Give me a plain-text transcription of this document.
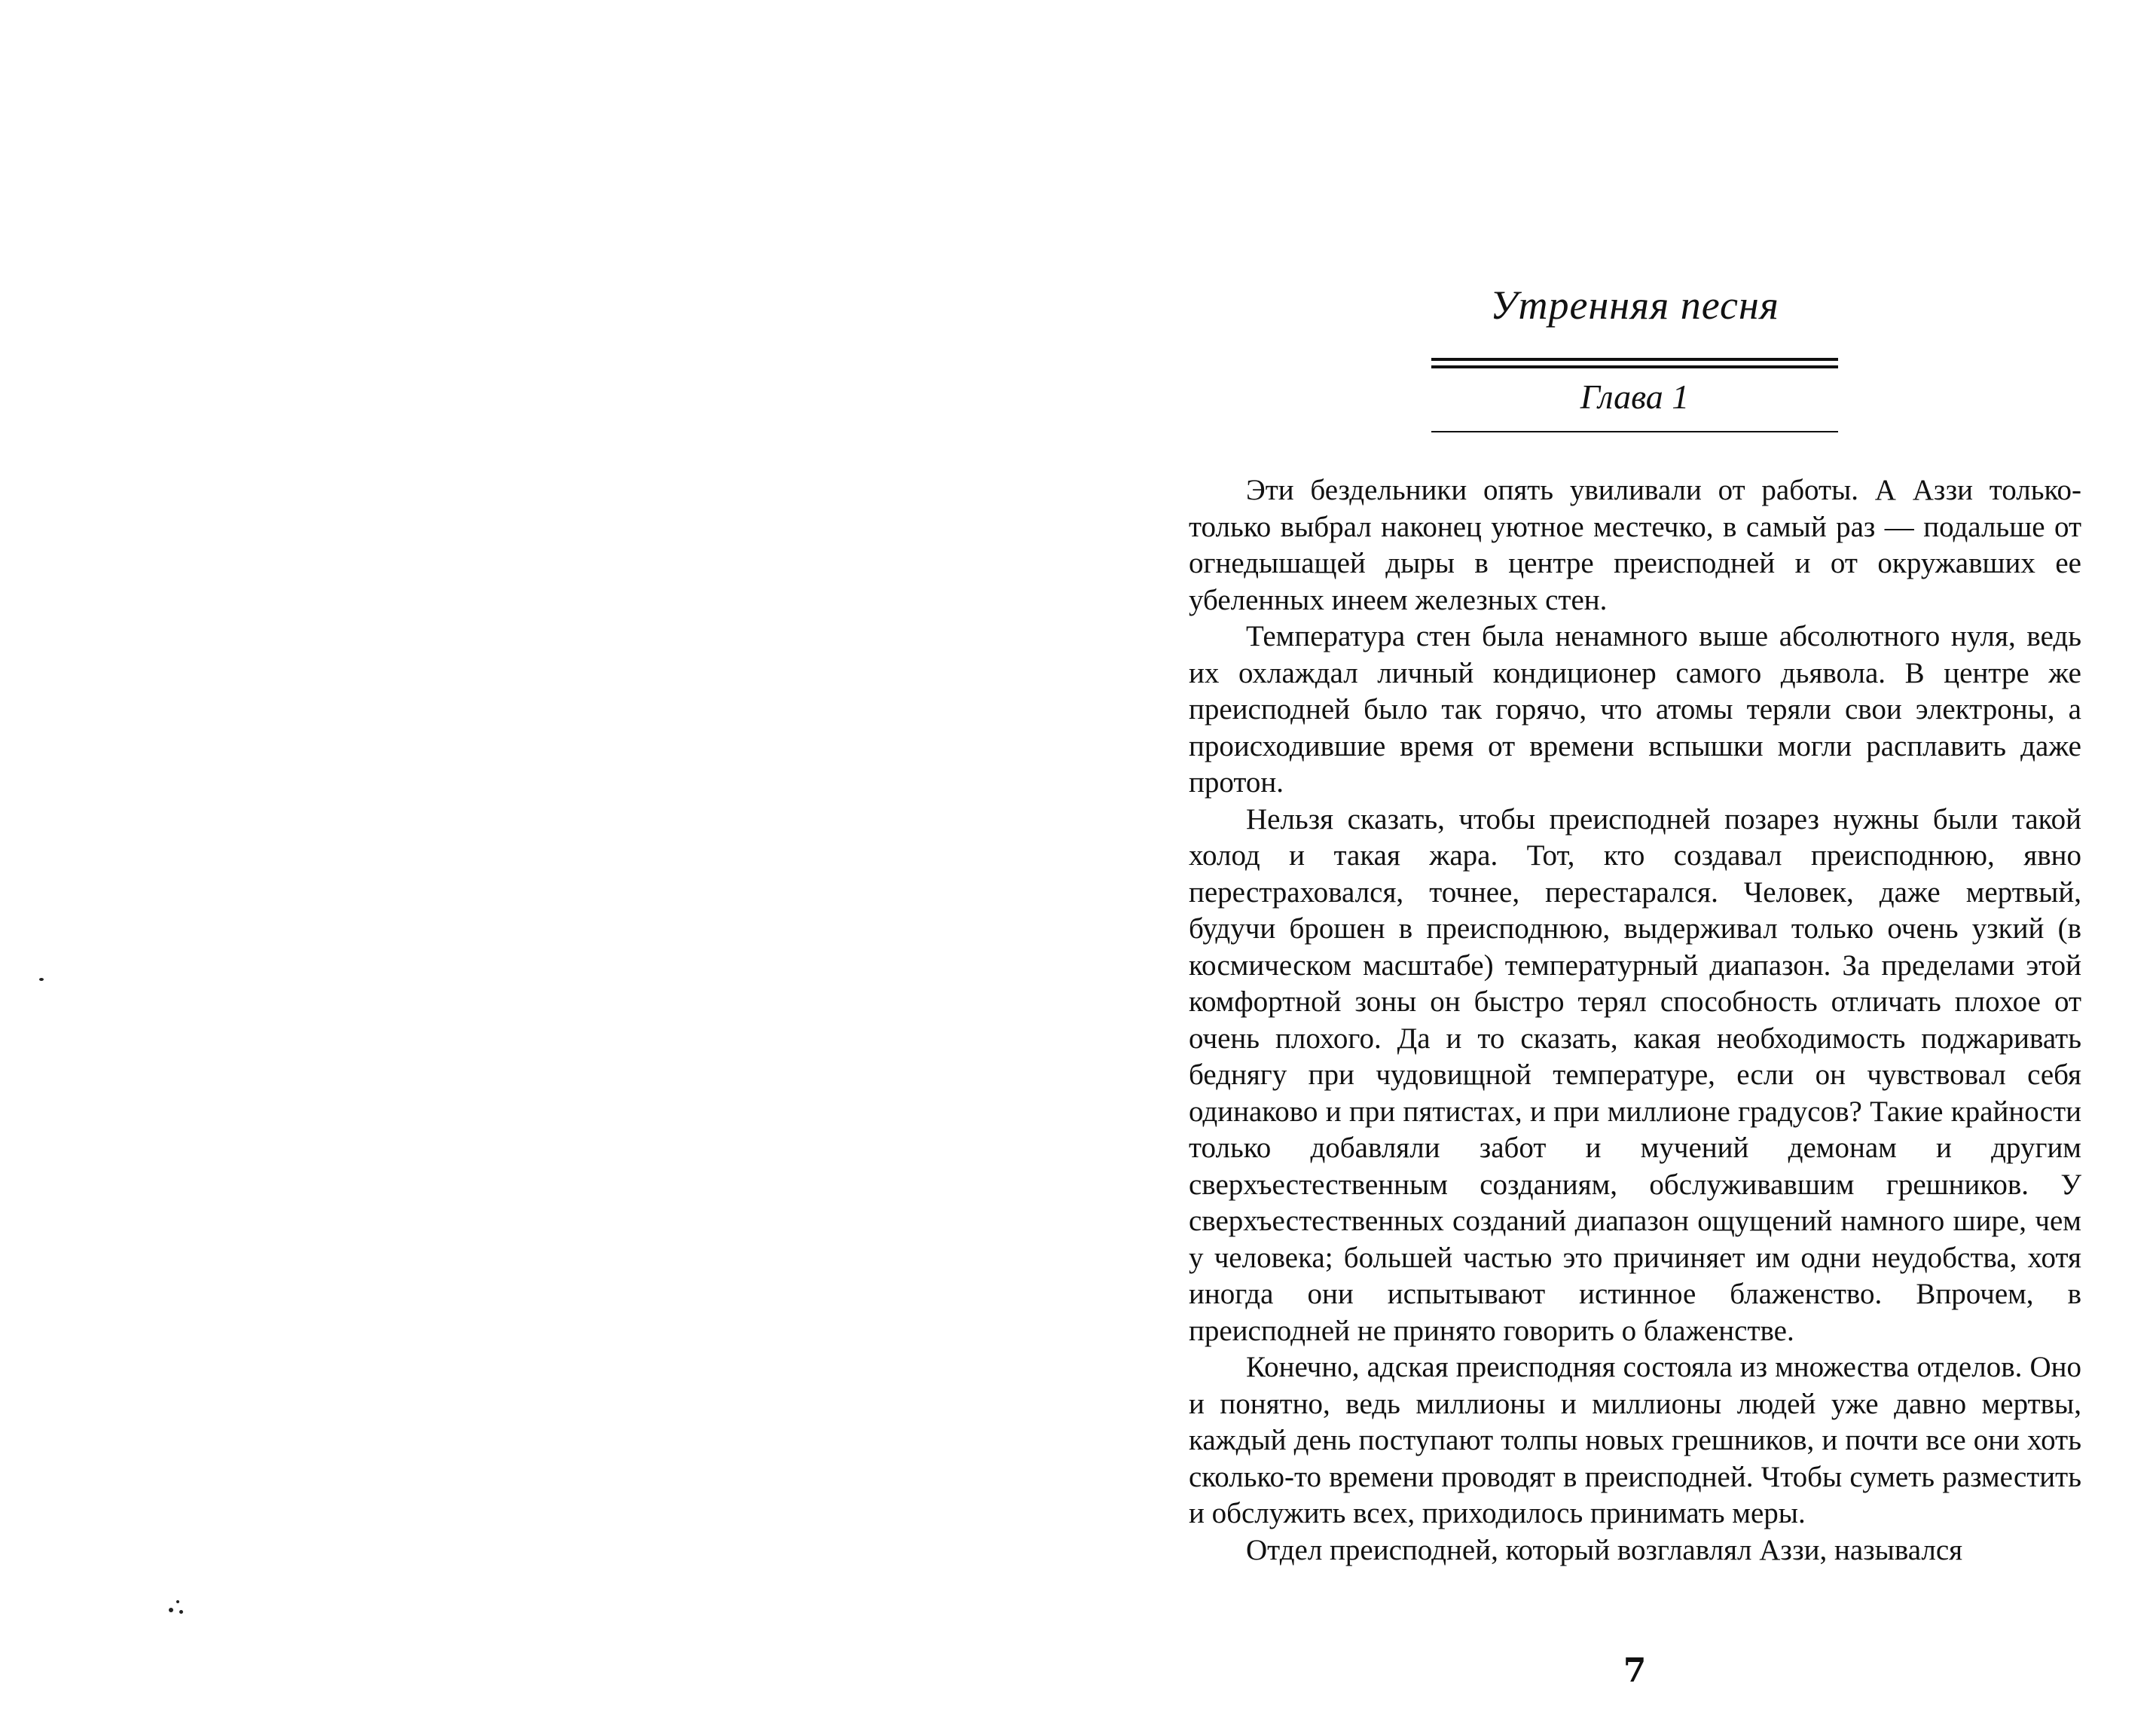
Утренняя песня
Глава 1

Эти бездельники опять увиливали от работы. А Аззи только-только выбрал наконец уютное местечко, в самый раз — подальше от огнедышащей дыры в центре преисподней и от окружавших ее убеленных инеем железных стен.

Температура стен была ненамного выше абсолютного нуля, ведь их охлаждал личный кондиционер самого дьявола. В центре же преисподней было так горячо, что атомы теряли свои электроны, а происходившие время от времени вспышки могли расплавить даже протон.

Нельзя сказать, чтобы преисподней позарез нужны были такой холод и такая жара. Тот, кто создавал преисподнюю, явно перестраховался, точнее, перестарался. Человек, даже мертвый, будучи брошен в преисподнюю, выдерживал только очень узкий (в космическом масштабе) температурный диапазон. За пределами этой комфортной зоны он быстро терял способность отличать плохое от очень плохого. Да и то сказать, какая необходимость поджаривать беднягу при чудовищной температуре, если он чувствовал себя одинаково и при пятистах, и при миллионе градусов? Такие крайности только добавляли забот и мучений демонам и другим сверхъестественным созданиям, обслуживавшим грешников. У сверхъестественных созданий диапазон ощущений намного шире, чем у человека; большей частью это причиняет им одни неудобства, хотя иногда они испытывают истинное блаженство. Впрочем, в преисподней не принято говорить о блаженстве.

Конечно, адская преисподняя состояла из множества отделов. Оно и понятно, ведь миллионы и миллионы людей уже давно мертвы, каждый день поступают толпы новых грешников, и почти все они хоть сколько-то времени проводят в преисподней. Чтобы суметь разместить и обслужить всех, приходилось принимать меры.

Отдел преисподней, который возглавлял Аззи, назывался

7
